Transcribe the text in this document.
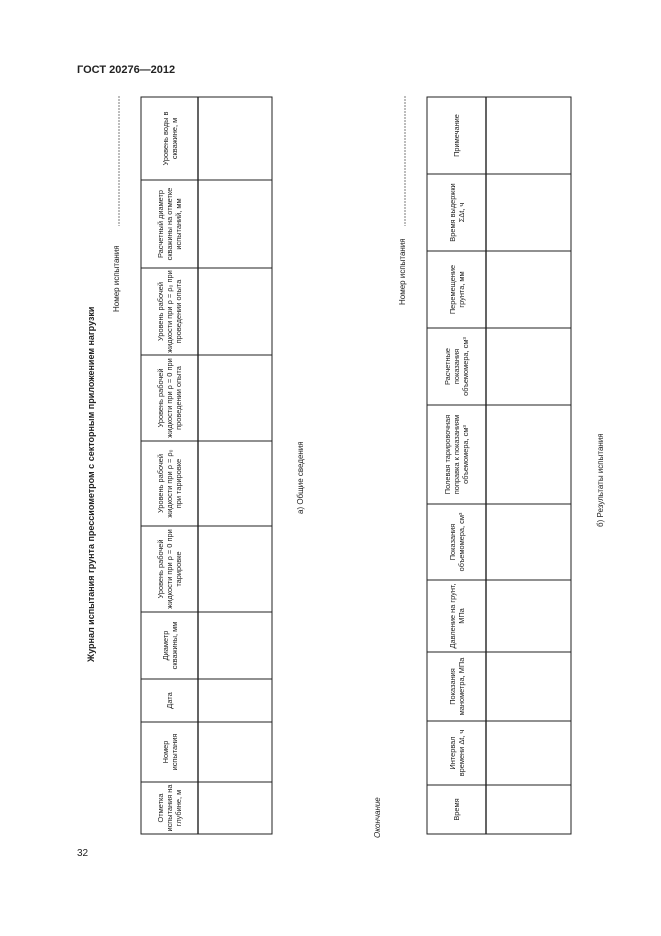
ГОСТ 20276—2012
32
Журнал испытания грунта прессиометром с секторным приложением нагрузки
Номер испытания
а) Общие сведения
Окончание
Номер испытания
б) Результаты испытания
Отметка испытания на глубине, м
Номер испытания
Дата
Диаметр скважины, мм
Уровень рабочей жидкости при ρ = 0 при тарировке
Уровень рабочей жидкости при ρ = ρ₀ при тарировке
Уровень рабочей жидкости при ρ = 0 при проведении опыта
Уровень рабочей жидкости при ρ = ρ₀ при проведении опыта
Расчетный диаметр скважины на отметке испытаний, мм
Уровень воды в скважине, м
Время
Интервал времени Δt, ч
Показания манометра, МПа
Давление на грунт, МПа
Показания объемомера, см³
Полевая тарировочная поправка к показаниям объемомера, см³
Расчетные показания объемомера, см³
Перемещение грунта, мм
Время выдержки ΣΔt, ч
Примечание
